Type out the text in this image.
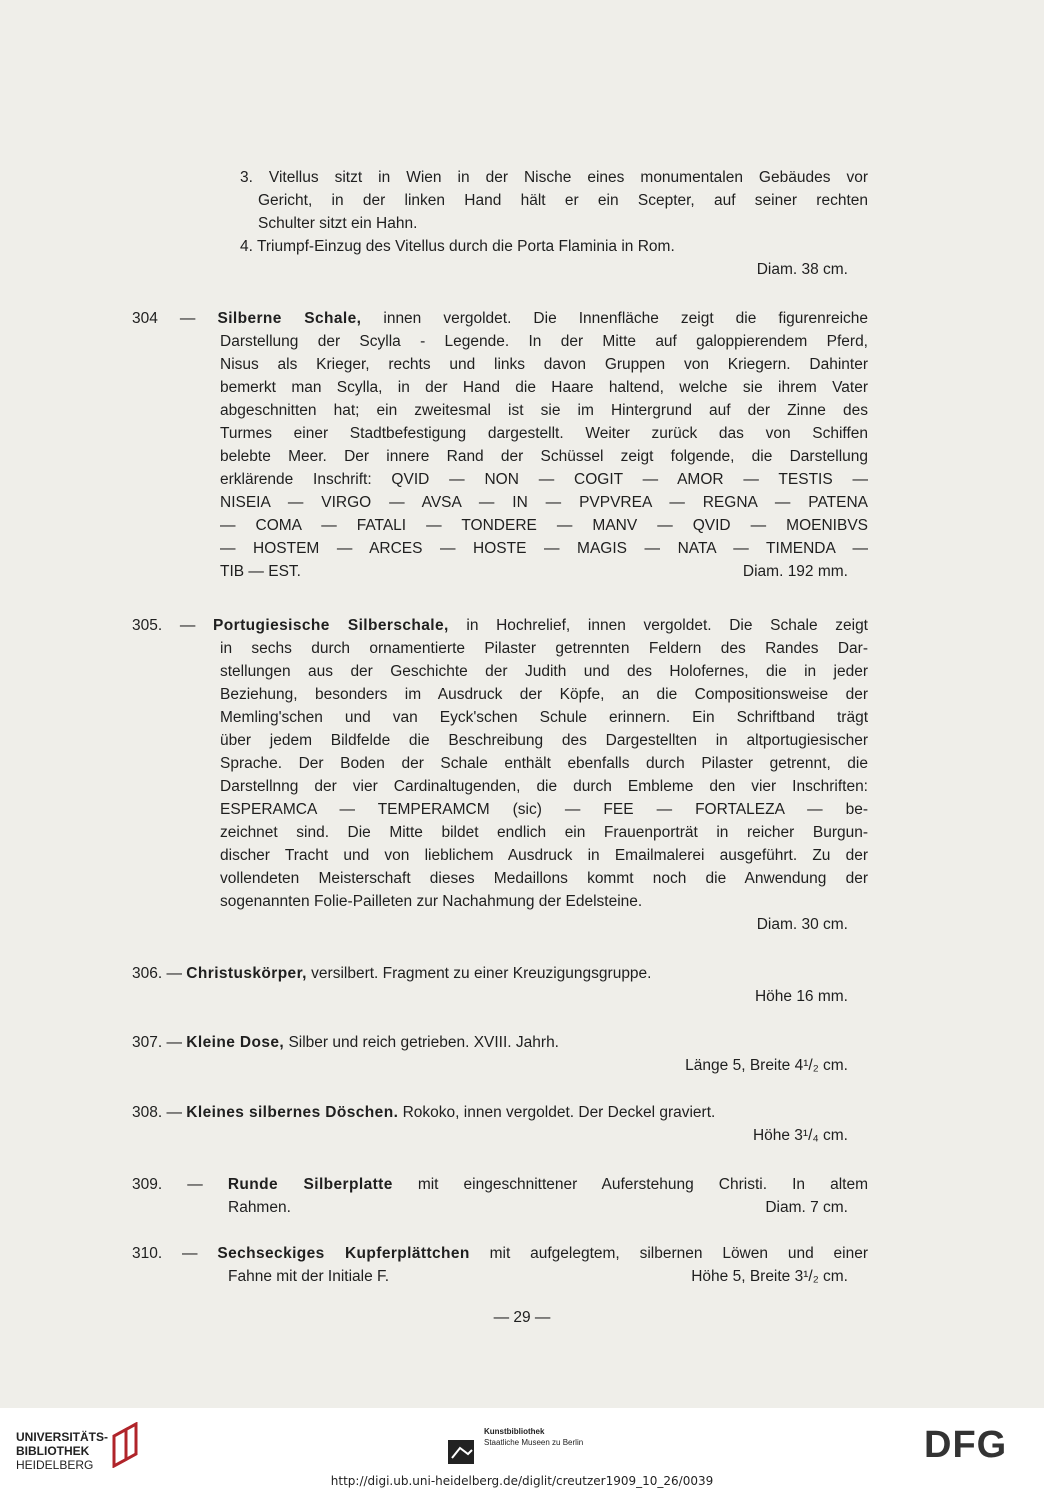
3. Vitellus sitzt in Wien in der Nische eines monumentalen Gebäudes vor

Gericht, in der linken Hand hält er ein Scepter, auf seiner rechten

Schulter sitzt ein Hahn.

4. Triumpf-Einzug des Vitellus durch die Porta Flaminia in Rom.

Diam. 38 cm.

304 — Silberne Schale, innen vergoldet. Die Innenfläche zeigt die figurenreiche

Darstellung der Scylla - Legende. In der Mitte auf galoppierendem Pferd,

Nisus als Krieger, rechts und links davon Gruppen von Kriegern. Dahinter

bemerkt man Scylla, in der Hand die Haare haltend, welche sie ihrem Vater

abgeschnitten hat; ein zweitesmal ist sie im Hintergrund auf der Zinne des

Turmes einer Stadtbefestigung dargestellt. Weiter zurück das von Schiffen

belebte Meer. Der innere Rand der Schüssel zeigt folgende, die Darstellung

erklärende Inschrift: QVID — NON — COGIT — AMOR — TESTIS —

NISEIA — VIRGO — AVSA — IN — PVPVREA — REGNA — PATENA

— COMA — FATALI — TONDERE — MANV — QVID — MOENIBVS

— HOSTEM — ARCES — HOSTE — MAGIS — NATA — TIMENDA —

TIB — EST.	Diam. 192 mm.

305. — Portugiesische Silberschale, in Hochrelief, innen vergoldet. Die Schale zeigt

in sechs durch ornamentierte Pilaster getrennten Feldern des Randes Dar-

stellungen aus der Geschichte der Judith und des Holofernes, die in jeder

Beziehung, besonders im Ausdruck der Köpfe, an die Compositionsweise der

Memling'schen und van Eyck'schen Schule erinnern. Ein Schriftband trägt

über jedem Bildfelde die Beschreibung des Dargestellten in altportugiesischer

Sprache. Der Boden der Schale enthält ebenfalls durch Pilaster getrennt, die

Darstellnng der vier Cardinaltugenden, die durch Embleme den vier Inschriften:

ESPERAMCA — TEMPERAMCM (sic) — FEE — FORTALEZA — be-

zeichnet sind. Die Mitte bildet endlich ein Frauenporträt in reicher Burgun-

discher Tracht und von lieblichem Ausdruck in Emailmalerei ausgeführt. Zu der

vollendeten Meisterschaft dieses Medaillons kommt noch die Anwendung der

sogenannten Folie-Pailleten zur Nachahmung der Edelsteine.

Diam. 30 cm.

306. — Christuskörper, versilbert. Fragment zu einer Kreuzigungsgruppe.

Höhe 16 mm.

307. — Kleine Dose, Silber und reich getrieben. XVIII. Jahrh.

Länge 5, Breite 4¹/₂ cm.

308. — Kleines silbernes Döschen. Rokoko, innen vergoldet. Der Deckel graviert.

Höhe 3¹/₄ cm.

309. — Runde Silberplatte mit eingeschnittener Auferstehung Christi. In altem

Rahmen.	Diam. 7 cm.

310. — Sechseckiges Kupferplättchen mit aufgelegtem, silbernen Löwen und einer

Fahne mit der Initiale F.	Höhe 5, Breite 3¹/₂ cm.

— 29 —
UNIVERSITÄTS-
BIBLIOTHEK
HEIDELBERG
Kunstbibliothek
Staatliche Museen zu Berlin	DFG
http://digi.ub.uni-heidelberg.de/diglit/creutzer1909_10_26/0039
